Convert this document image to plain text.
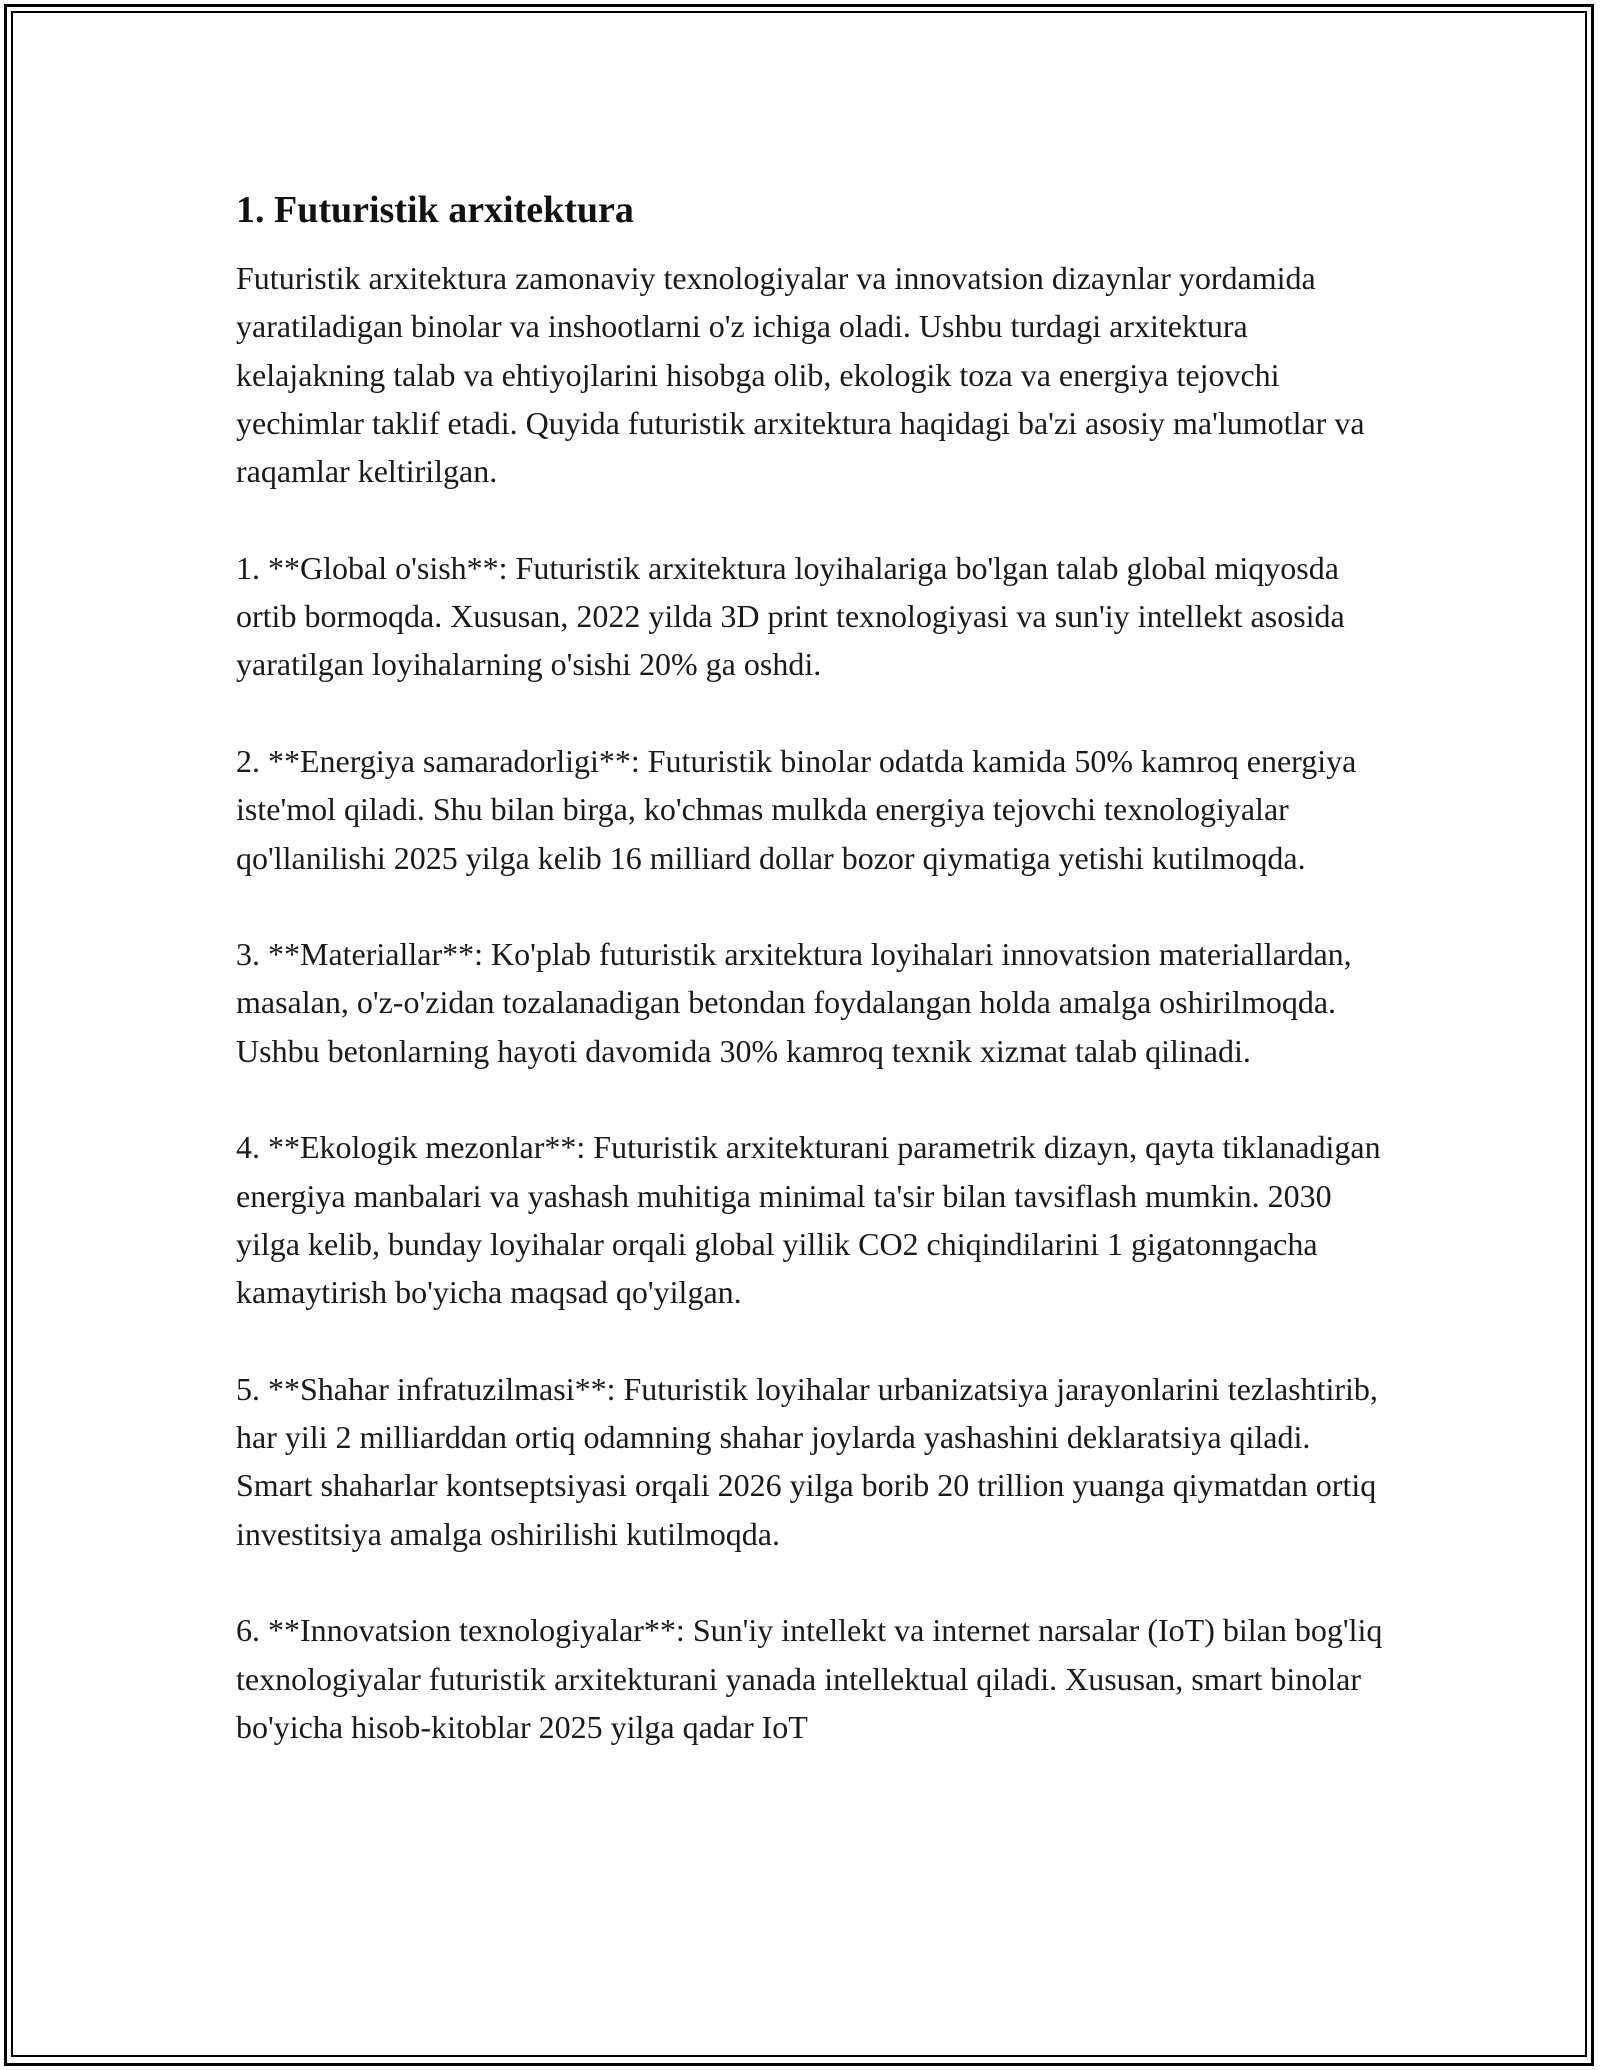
1. Futuristik arxitektura

Futuristik arxitektura zamonaviy texnologiyalar va innovatsion dizaynlar yordamida yaratiladigan binolar va inshootlarni o'z ichiga oladi. Ushbu turdagi arxitektura kelajakning talab va ehtiyojlarini hisobga olib, ekologik toza va energiya tejovchi yechimlar taklif etadi. Quyida futuristik arxitektura haqidagi ba'zi asosiy ma'lumotlar va raqamlar keltirilgan.

1. **Global o'sish**: Futuristik arxitektura loyihalariga bo'lgan talab global miqyosda ortib bormoqda. Xususan, 2022 yilda 3D print texnologiyasi va sun'iy intellekt asosida yaratilgan loyihalarning o'sishi 20% ga oshdi.

2. **Energiya samaradorligi**: Futuristik binolar odatda kamida 50% kamroq energiya iste'mol qiladi. Shu bilan birga, ko'chmas mulkda energiya tejovchi texnologiyalar qo'llanilishi 2025 yilga kelib 16 milliard dollar bozor qiymatiga yetishi kutilmoqda.

3. **Materiallar**: Ko'plab futuristik arxitektura loyihalari innovatsion materiallardan, masalan, o'z-o'zidan tozalanadigan betondan foydalangan holda amalga oshirilmoqda. Ushbu betonlarning hayoti davomida 30% kamroq texnik xizmat talab qilinadi.

4. **Ekologik mezonlar**: Futuristik arxitekturani parametrik dizayn, qayta tiklanadigan energiya manbalari va yashash muhitiga minimal ta'sir bilan tavsiflash mumkin. 2030 yilga kelib, bunday loyihalar orqali global yillik CO2 chiqindilarini 1 gigatonngacha kamaytirish bo'yicha maqsad qo'yilgan.

5. **Shahar infratuzilmasi**: Futuristik loyihalar urbanizatsiya jarayonlarini tezlashtirib, har yili 2 milliarddan ortiq odamning shahar joylarda yashashini deklaratsiya qiladi. Smart shaharlar kontseptsiyasi orqali 2026 yilga borib 20 trillion yuanga qiymatdan ortiq investitsiya amalga oshirilishi kutilmoqda.

6. **Innovatsion texnologiyalar**: Sun'iy intellekt va internet narsalar (IoT) bilan bog'liq texnologiyalar futuristik arxitekturani yanada intellektual qiladi. Xususan, smart binolar bo'yicha hisob-kitoblar 2025 yilga qadar IoT
